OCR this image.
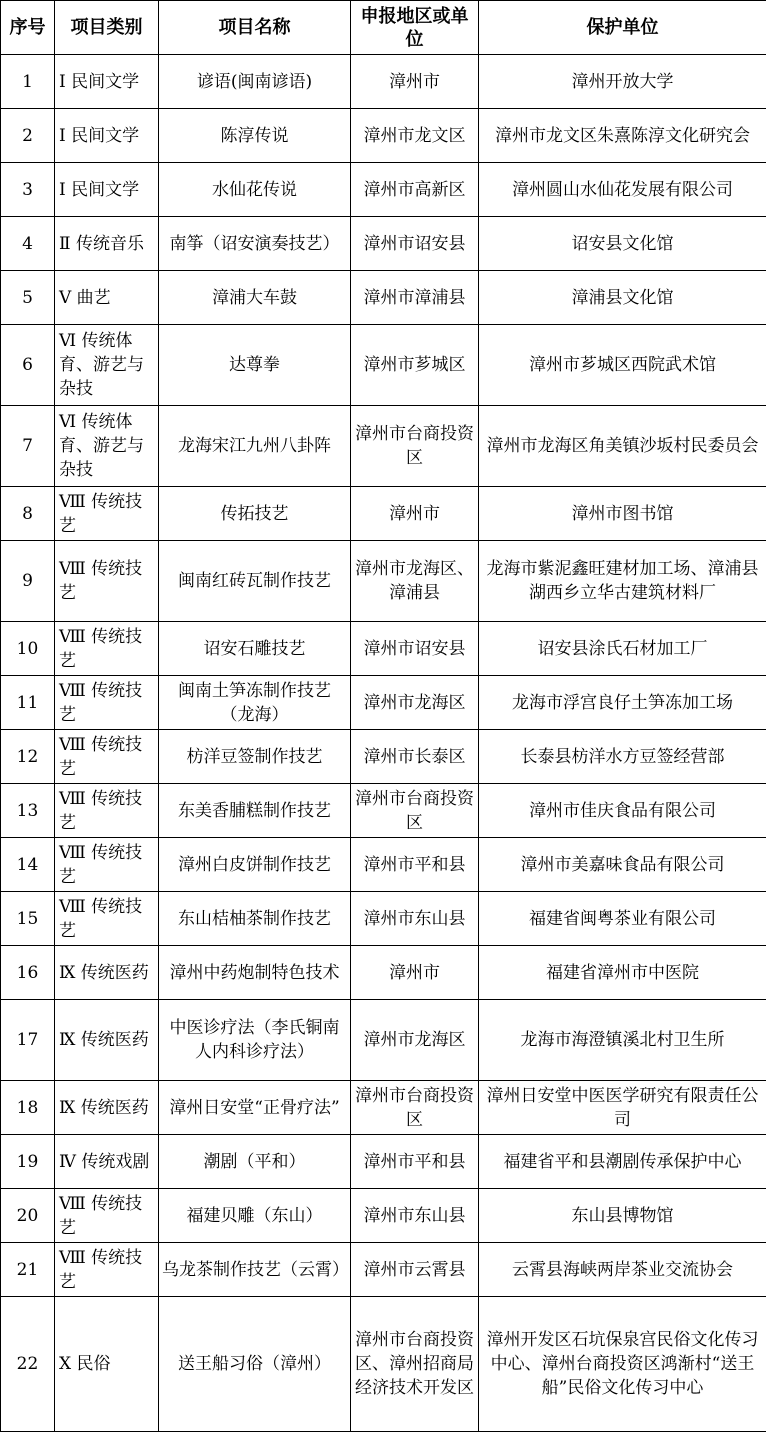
序号	项目类别	项目名称	申报地区或单位	保护单位
1	Ⅰ 民间文学	谚语(闽南谚语)	漳州市	漳州开放大学
2	Ⅰ 民间文学	陈淳传说	漳州市龙文区	漳州市龙文区朱熹陈淳文化研究会
3	Ⅰ 民间文学	水仙花传说	漳州市高新区	漳州圆山水仙花发展有限公司
4	Ⅱ 传统音乐	南筝（诏安演奏技艺）	漳州市诏安县	诏安县文化馆
5	Ⅴ 曲艺	漳浦大车鼓	漳州市漳浦县	漳浦县文化馆
6	Ⅵ 传统体育、游艺与杂技	达尊拳	漳州市芗城区	漳州市芗城区西院武术馆
7	Ⅵ 传统体育、游艺与杂技	龙海宋江九州八卦阵	漳州市台商投资区	漳州市龙海区角美镇沙坂村民委员会
8	Ⅷ 传统技艺	传拓技艺	漳州市	漳州市图书馆
9	Ⅷ 传统技艺	闽南红砖瓦制作技艺	漳州市龙海区、漳浦县	龙海市紫泥鑫旺建材加工场、漳浦县湖西乡立华古建筑材料厂
10	Ⅷ 传统技艺	诏安石雕技艺	漳州市诏安县	诏安县涂氏石材加工厂
11	Ⅷ 传统技艺	闽南土笋冻制作技艺（龙海）	漳州市龙海区	龙海市浮宫良仔土笋冻加工场
12	Ⅷ 传统技艺	枋洋豆签制作技艺	漳州市长泰区	长泰县枋洋水方豆签经营部
13	Ⅷ 传统技艺	东美香脯糕制作技艺	漳州市台商投资区	漳州市佳庆食品有限公司
14	Ⅷ 传统技艺	漳州白皮饼制作技艺	漳州市平和县	漳州市美嘉味食品有限公司
15	Ⅷ 传统技艺	东山桔柚茶制作技艺	漳州市东山县	福建省闽粤茶业有限公司
16	Ⅸ 传统医药	漳州中药炮制特色技术	漳州市	福建省漳州市中医院
17	Ⅸ 传统医药	中医诊疗法（李氏铜南人内科诊疗法）	漳州市龙海区	龙海市海澄镇溪北村卫生所
18	Ⅸ 传统医药	漳州日安堂“正骨疗法”	漳州市台商投资区	漳州日安堂中医医学研究有限责任公司
19	Ⅳ 传统戏剧	潮剧（平和）	漳州市平和县	福建省平和县潮剧传承保护中心
20	Ⅷ 传统技艺	福建贝雕（东山）	漳州市东山县	东山县博物馆
21	Ⅷ 传统技艺	乌龙茶制作技艺（云霄）	漳州市云霄县	云霄县海峡两岸茶业交流协会
22	Ⅹ 民俗	送王船习俗（漳州）	漳州市台商投资区、漳州招商局经济技术开发区	漳州开发区石坑保泉宫民俗文化传习中心、漳州台商投资区鸿渐村“送王船”民俗文化传习中心
